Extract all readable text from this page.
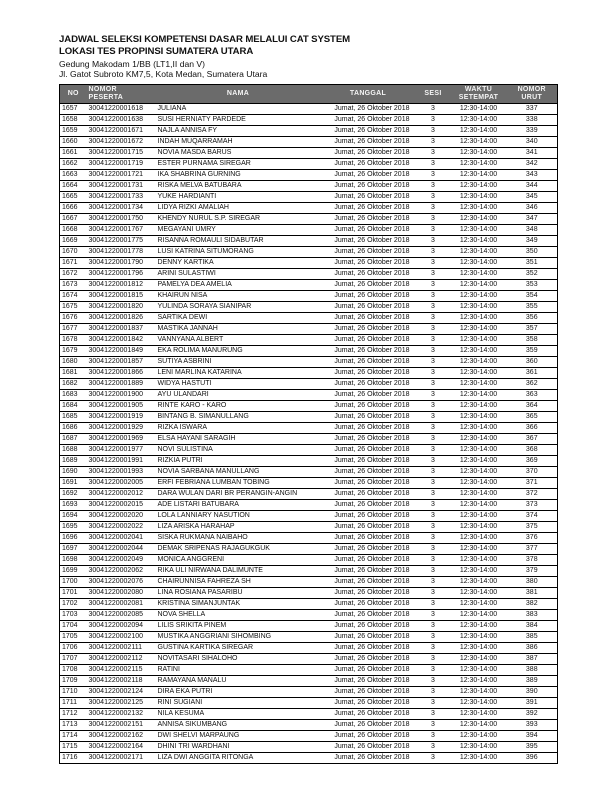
JADWAL SELEKSI KOMPETENSI DASAR MELALUI CAT SYSTEM
LOKASI TES PROPINSI SUMATERA UTARA
Gedung Makodam 1/BB (LT1,II dan V)
Jl. Gatot Subroto KM7,5, Kota Medan, Sumatera Utara
NO	NOMOR PESERTA	NAMA	TANGGAL	SESI	WAKTU SETEMPAT	NOMOR URUT
1657	30041220001618	JULIANA	Jumat, 26 Oktober 2018	3	12:30-14:00	337
1658	30041220001638	SUSI HERNIATY PARDEDE	Jumat, 26 Oktober 2018	3	12:30-14:00	338
1659	30041220001671	NAJLA ANNISA FY	Jumat, 26 Oktober 2018	3	12:30-14:00	339
1660	30041220001672	INDAH MUQARRAMAH	Jumat, 26 Oktober 2018	3	12:30-14:00	340
1661	30041220001715	NOVIA MASDA BARUS	Jumat, 26 Oktober 2018	3	12:30-14:00	341
1662	30041220001719	ESTER PURNAMA SIREGAR	Jumat, 26 Oktober 2018	3	12:30-14:00	342
1663	30041220001721	IKA SHABRINA GURNING	Jumat, 26 Oktober 2018	3	12:30-14:00	343
1664	30041220001731	RISKA MELVA BATUBARA	Jumat, 26 Oktober 2018	3	12:30-14:00	344
1665	30041220001733	YUKE HARDIANTI	Jumat, 26 Oktober 2018	3	12:30-14:00	345
1666	30041220001734	LIDYA RIZKI AMALIAH	Jumat, 26 Oktober 2018	3	12:30-14:00	346
1667	30041220001750	KHENDY NURUL S.P. SIREGAR	Jumat, 26 Oktober 2018	3	12:30-14:00	347
1668	30041220001767	MEGAYANI UMRY	Jumat, 26 Oktober 2018	3	12:30-14:00	348
1669	30041220001775	RISANNA ROMAULI SIDABUTAR	Jumat, 26 Oktober 2018	3	12:30-14:00	349
1670	30041220001778	LUSI KATRINA SITUMORANG	Jumat, 26 Oktober 2018	3	12:30-14:00	350
1671	30041220001790	DENNY KARTIKA	Jumat, 26 Oktober 2018	3	12:30-14:00	351
1672	30041220001796	ARINI SULASTIWI	Jumat, 26 Oktober 2018	3	12:30-14:00	352
1673	30041220001812	PAMELYA DEA AMELIA	Jumat, 26 Oktober 2018	3	12:30-14:00	353
1674	30041220001815	KHAIRUN NISA	Jumat, 26 Oktober 2018	3	12:30-14:00	354
1675	30041220001820	YULINDA SORAYA SIANIPAR	Jumat, 26 Oktober 2018	3	12:30-14:00	355
1676	30041220001826	SARTIKA DEWI	Jumat, 26 Oktober 2018	3	12:30-14:00	356
1677	30041220001837	MASTIKA JANNAH	Jumat, 26 Oktober 2018	3	12:30-14:00	357
1678	30041220001842	VANNYANA ALBERT	Jumat, 26 Oktober 2018	3	12:30-14:00	358
1679	30041220001849	EKA ROLIMA MANURUNG	Jumat, 26 Oktober 2018	3	12:30-14:00	359
1680	30041220001857	SUTIYA ASBRINI	Jumat, 26 Oktober 2018	3	12:30-14:00	360
1681	30041220001866	LENI MARLINA KATARINA	Jumat, 26 Oktober 2018	3	12:30-14:00	361
1682	30041220001889	WIDYA HASTUTI	Jumat, 26 Oktober 2018	3	12:30-14:00	362
1683	30041220001900	AYU ULANDARI	Jumat, 26 Oktober 2018	3	12:30-14:00	363
1684	30041220001905	RINTE KARO - KARO	Jumat, 26 Oktober 2018	3	12:30-14:00	364
1685	30041220001919	BINTANG B. SIMANULLANG	Jumat, 26 Oktober 2018	3	12:30-14:00	365
1686	30041220001929	RIZKA ISWARA	Jumat, 26 Oktober 2018	3	12:30-14:00	366
1687	30041220001969	ELSA HAYANI SARAGIH	Jumat, 26 Oktober 2018	3	12:30-14:00	367
1688	30041220001977	NOVI SULISTINA	Jumat, 26 Oktober 2018	3	12:30-14:00	368
1689	30041220001991	RIZKIA PUTRI	Jumat, 26 Oktober 2018	3	12:30-14:00	369
1690	30041220001993	NOVIA SARBANA MANULLANG	Jumat, 26 Oktober 2018	3	12:30-14:00	370
1691	30041220002005	ERFI FEBRIANA LUMBAN TOBING	Jumat, 26 Oktober 2018	3	12:30-14:00	371
1692	30041220002012	DARA WULAN DARI BR PERANGIN-ANGIN	Jumat, 26 Oktober 2018	3	12:30-14:00	372
1693	30041220002015	ADE LISTARI BATUBARA	Jumat, 26 Oktober 2018	3	12:30-14:00	373
1694	30041220002020	LOLA LANNIARY NASUTION	Jumat, 26 Oktober 2018	3	12:30-14:00	374
1695	30041220002022	LIZA ARISKA HARAHAP	Jumat, 26 Oktober 2018	3	12:30-14:00	375
1696	30041220002041	SISKA RUKMANA NAIBAHO	Jumat, 26 Oktober 2018	3	12:30-14:00	376
1697	30041220002044	DEMAK SRIPENAS RAJAGUKGUK	Jumat, 26 Oktober 2018	3	12:30-14:00	377
1698	30041220002049	MONICA ANGGRENI	Jumat, 26 Oktober 2018	3	12:30-14:00	378
1699	30041220002062	RIKA ULI NIRWANA DALIMUNTE	Jumat, 26 Oktober 2018	3	12:30-14:00	379
1700	30041220002076	CHAIRUNNISA FAHREZA SH	Jumat, 26 Oktober 2018	3	12:30-14:00	380
1701	30041220002080	LINA ROSIANA PASARIBU	Jumat, 26 Oktober 2018	3	12:30-14:00	381
1702	30041220002081	KRISTINA SIMANJUNTAK	Jumat, 26 Oktober 2018	3	12:30-14:00	382
1703	30041220002085	NOVA SHELLA	Jumat, 26 Oktober 2018	3	12:30-14:00	383
1704	30041220002094	LILIS SRIKITA PINEM	Jumat, 26 Oktober 2018	3	12:30-14:00	384
1705	30041220002100	MUSTIKA ANGGRIANI SIHOMBING	Jumat, 26 Oktober 2018	3	12:30-14:00	385
1706	30041220002111	GUSTINA KARTIKA SIREGAR	Jumat, 26 Oktober 2018	3	12:30-14:00	386
1707	30041220002112	NOVITASARI SIHALOHO	Jumat, 26 Oktober 2018	3	12:30-14:00	387
1708	30041220002115	RATINI	Jumat, 26 Oktober 2018	3	12:30-14:00	388
1709	30041220002118	RAMAYANA MANALU	Jumat, 26 Oktober 2018	3	12:30-14:00	389
1710	30041220002124	DIRA EKA PUTRI	Jumat, 26 Oktober 2018	3	12:30-14:00	390
1711	30041220002125	RINI SUGIANI	Jumat, 26 Oktober 2018	3	12:30-14:00	391
1712	30041220002132	NILA KESUMA	Jumat, 26 Oktober 2018	3	12:30-14:00	392
1713	30041220002151	ANNISA SIKUMBANG	Jumat, 26 Oktober 2018	3	12:30-14:00	393
1714	30041220002162	DWI SHELVI MARPAUNG	Jumat, 26 Oktober 2018	3	12:30-14:00	394
1715	30041220002164	DHINI TRI WARDHANI	Jumat, 26 Oktober 2018	3	12:30-14:00	395
1716	30041220002171	LIZA DWI ANGGITA RITONGA	Jumat, 26 Oktober 2018	3	12:30-14:00	396
